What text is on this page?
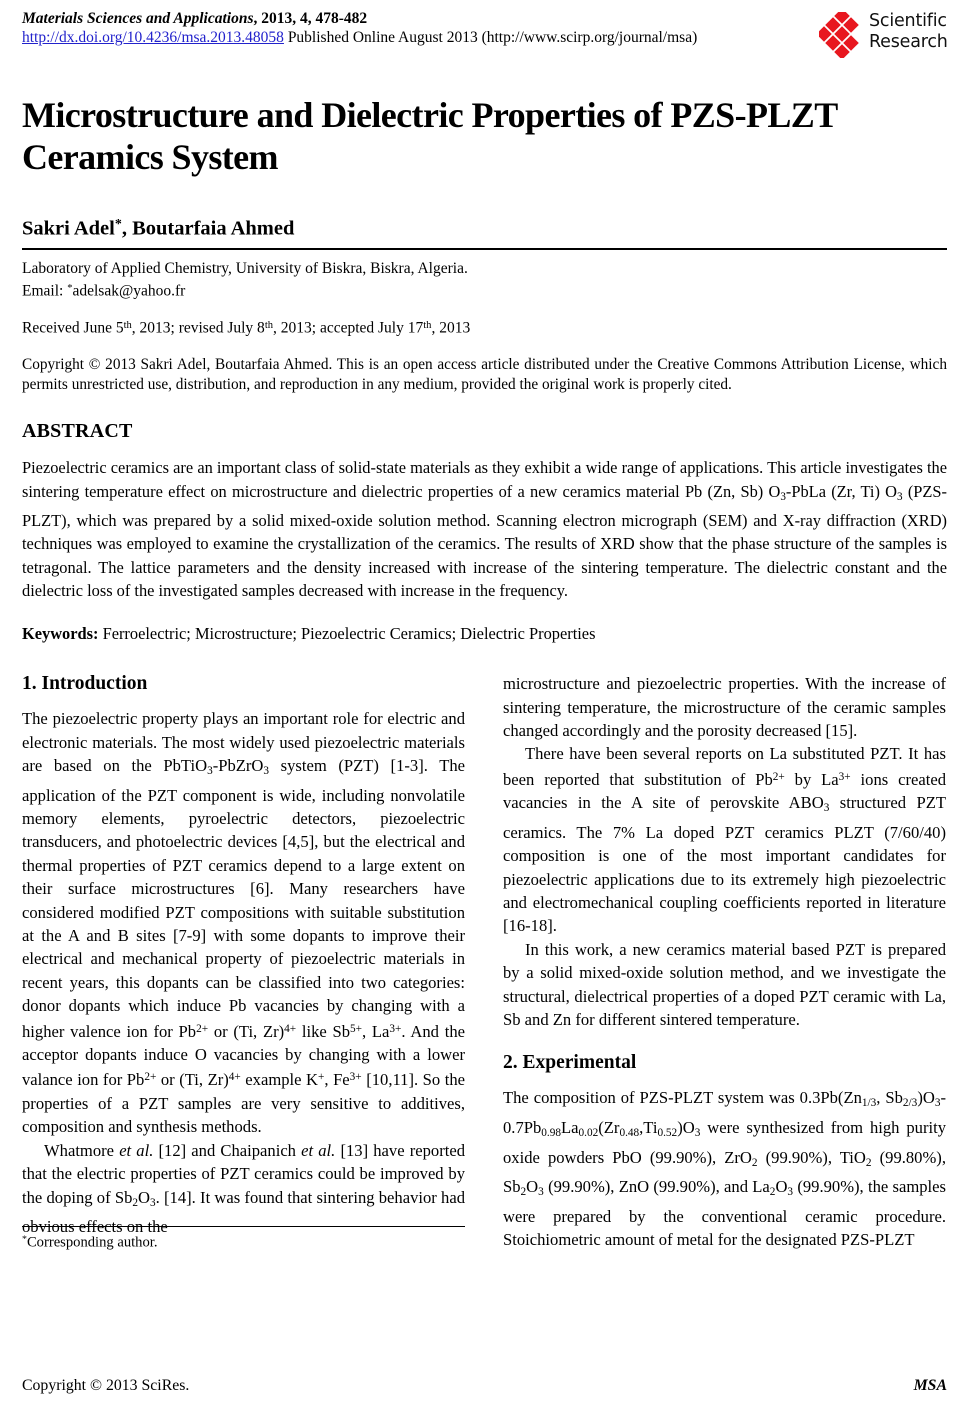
Materials Sciences and Applications, 2013, 4, 478-482
http://dx.doi.org/10.4236/msa.2013.48058 Published Online August 2013 (http://www.scirp.org/journal/msa)
Scientific
Research
Microstructure and Dielectric Properties of PZS-PLZT Ceramics System
Sakri Adel*, Boutarfaia Ahmed
Laboratory of Applied Chemistry, University of Biskra, Biskra, Algeria.
Email: *adelsak@yahoo.fr
Received June 5th, 2013; revised July 8th, 2013; accepted July 17th, 2013
Copyright © 2013 Sakri Adel, Boutarfaia Ahmed. This is an open access article distributed under the Creative Commons Attribution License, which permits unrestricted use, distribution, and reproduction in any medium, provided the original work is properly cited.
ABSTRACT
Piezoelectric ceramics are an important class of solid-state materials as they exhibit a wide range of applications. This article investigates the sintering temperature effect on microstructure and dielectric properties of a new ceramics material Pb (Zn, Sb) $O_3$-PbLa (Zr, Ti) $O_3$ (PZS-PLZT), which was prepared by a solid mixed-oxide solution method. Scanning electron micrograph (SEM) and X-ray diffraction (XRD) techniques was employed to examine the crystallization of the ceramics. The results of XRD show that the phase structure of the samples is tetragonal. The lattice parameters and the density increased with increase of the sintering temperature. The dielectric constant and the dielectric loss of the investigated samples decreased with increase in the frequency.
Keywords: Ferroelectric; Microstructure; Piezoelectric Ceramics; Dielectric Properties
1. Introduction

The piezoelectric property plays an important role for electric and electronic materials. The most widely used piezoelectric materials are based on the PbTiO$_3$-PbZrO$_3$ system (PZT) [1-3]. The application of the PZT component is wide, including nonvolatile memory elements, pyroelectric detectors, piezoelectric transducers, and photoelectric devices [4,5], but the electrical and thermal properties of PZT ceramics depend to a large extent on their surface microstructures [6]. Many researchers have considered modified PZT compositions with suitable substitution at the A and B sites [7-9] with some dopants to improve their electrical and mechanical property of piezoelectric materials in recent years, this dopants can be classified into two categories: donor dopants which induce Pb vacancies by changing with a higher valence ion for $Pb^{2+}$ or (Ti, Zr)$^{4+}$ like $Sb^{5+}$, $La^{3+}$. And the acceptor dopants induce O vacancies by changing with a lower valance ion for $Pb^{2+}$ or (Ti, Zr)$^{4+}$ example K+, $Fe^{3+}$ [10,11]. So the properties of a PZT samples are very sensitive to additives, composition and synthesis methods.

Whatmore et al. [12] and Chaipanich et al. [13] have reported that the electric properties of PZT ceramics could be improved by the doping of $Sb_2O_3$. [14]. It was found that sintering behavior had obvious effects on the

*Corresponding author.

microstructure and piezoelectric properties. With the increase of sintering temperature, the microstructure of the ceramic samples changed accordingly and the porosity decreased [15].

There have been several reports on La substituted PZT. It has been reported that substitution of $Pb^{2+}$ by $La^{3+}$ ions created vacancies in the A site of perovskite $ABO_3$ structured PZT ceramics. The 7% La doped PZT ceramics PLZT (7/60/40) composition is one of the most important candidates for piezoelectric applications due to its extremely high piezoelectric and electromechanical coupling coefficients reported in literature [16-18].

In this work, a new ceramics material based PZT is prepared by a solid mixed-oxide solution method, and we investigate the structural, dielectrical properties of a doped PZT ceramic with La, Sb and Zn for different sintered temperature.

2. Experimental

The composition of PZS-PLZT system was $0.3Pb(Zn_{1/3}$, $Sb_{2/3})O_3-0.7Pb_{0.98}La_{0.02}(Zr_{0.48},Ti_{0.52})O_3$ were synthesized from high purity oxide powders PbO (99.90%), ZrO$_2$ (99.90%), TiO$_2$ (99.80%), $Sb_2O_3$ (99.90%), ZnO (99.90%), and $La_2O_3$ (99.90%), the samples were prepared by the conventional ceramic procedure. Stoichiometric amount of metal for the designated PZS-PLZT

Copyright © 2013 SciRes.	MSA
